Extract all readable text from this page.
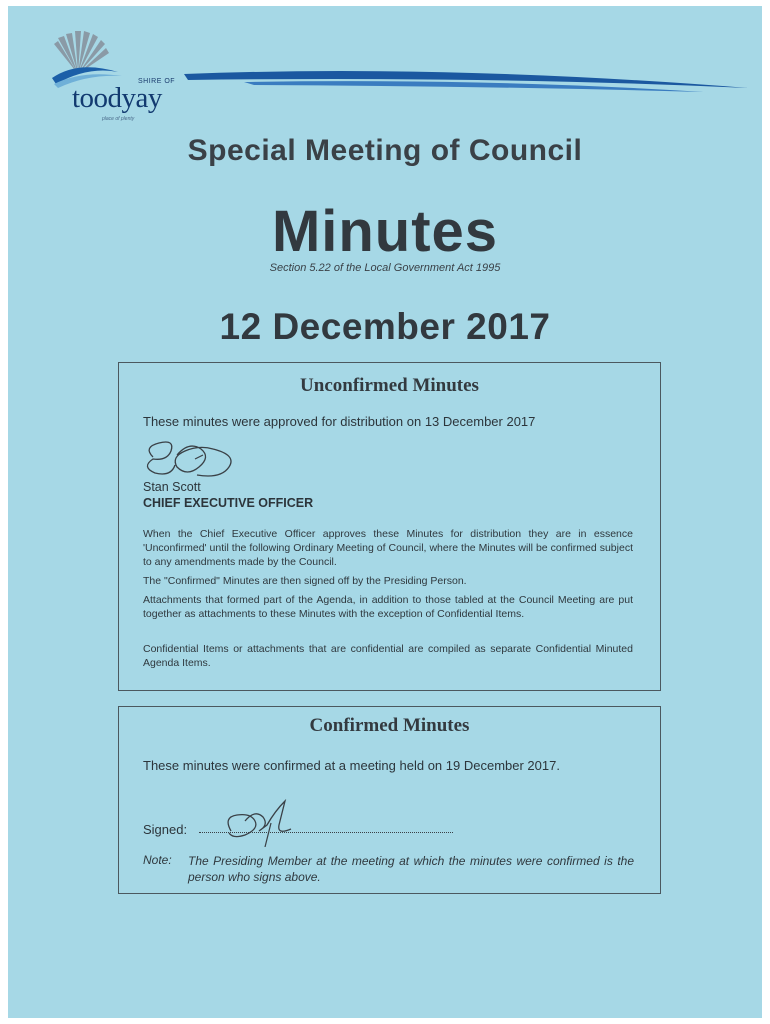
SHIRE OF
toodyay
place of plenty
Special Meeting of Council
Minutes
Section 5.22 of the Local Government Act 1995
12 December 2017
Unconfirmed Minutes
These minutes were approved for distribution on 13 December 2017
Stan Scott
CHIEF EXECUTIVE OFFICER
When the Chief Executive Officer approves these Minutes for distribution they are in essence 'Unconfirmed' until the following Ordinary Meeting of Council, where the Minutes will be confirmed subject to any amendments made by the Council.
The "Confirmed" Minutes are then signed off by the Presiding Person.
Attachments that formed part of the Agenda, in addition to those tabled at the Council Meeting are put together as attachments to these Minutes with the exception of Confidential Items.
Confidential Items or attachments that are confidential are compiled as separate Confidential Minuted Agenda Items.
Confirmed Minutes
These minutes were confirmed at a meeting held on 19 December 2017.
Signed:
Note: The Presiding Member at the meeting at which the minutes were confirmed is the person who signs above.
